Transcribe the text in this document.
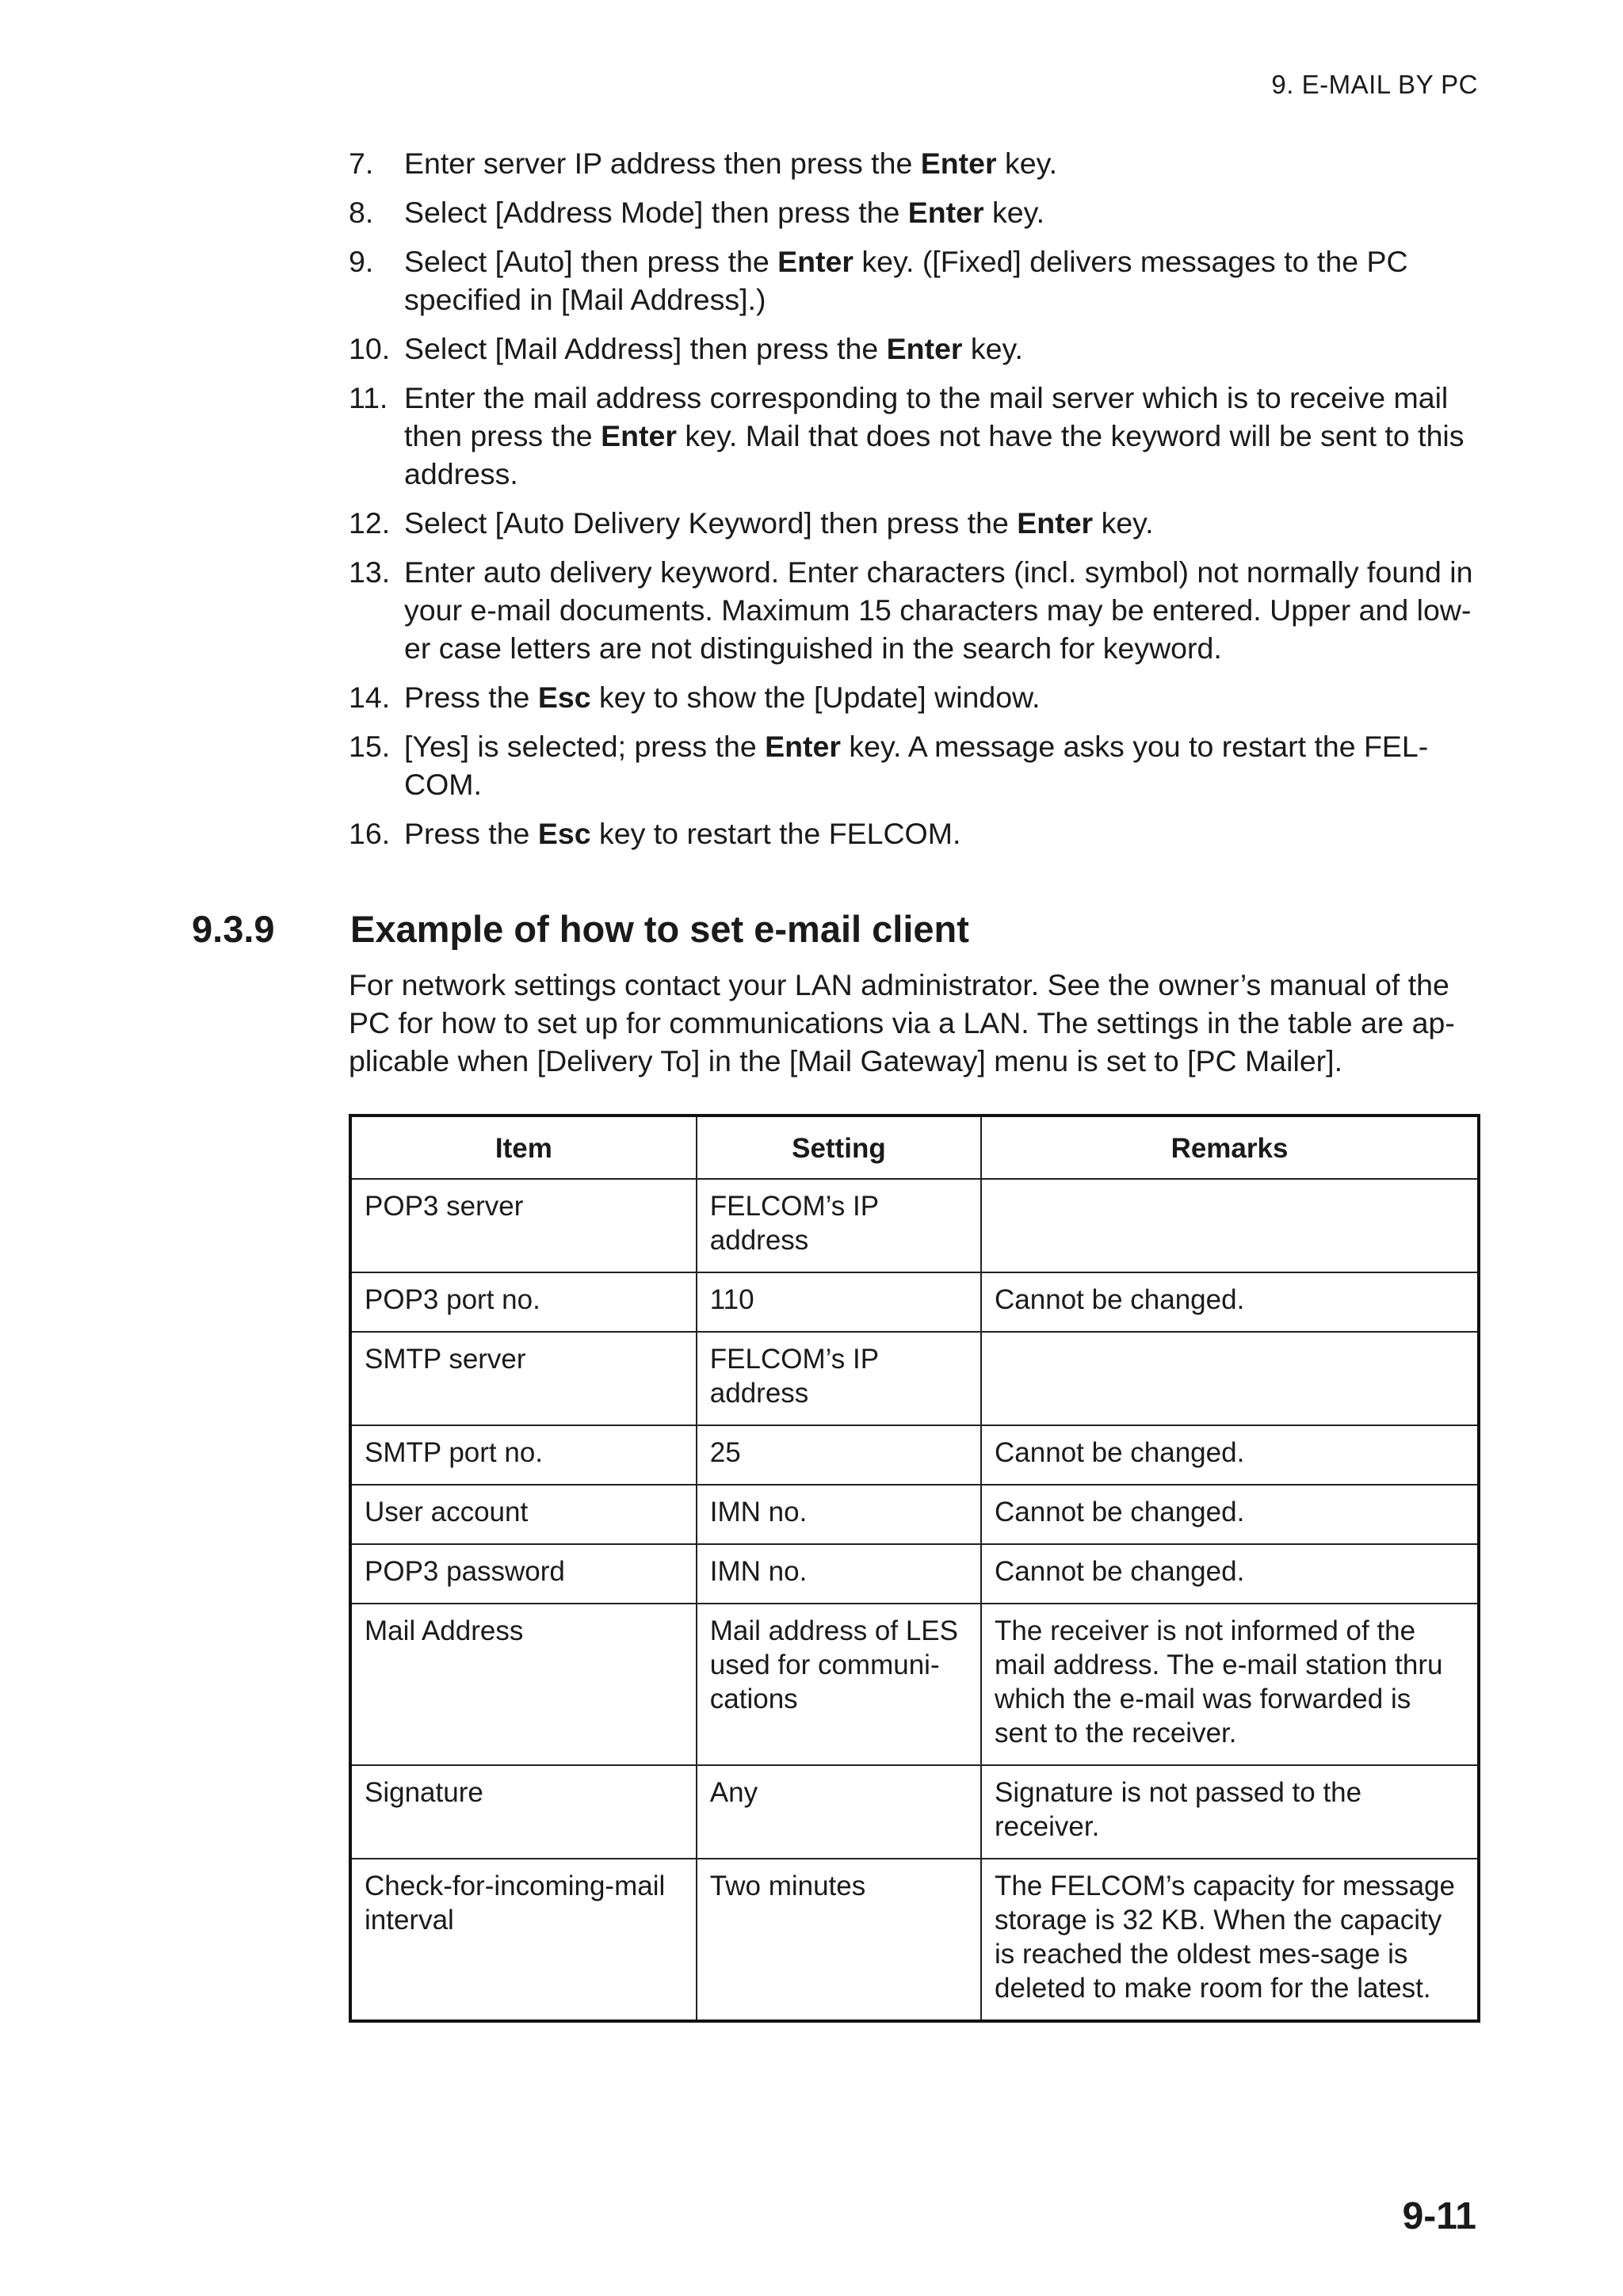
9. E-MAIL BY PC
7.	Enter server IP address then press the Enter key.
8.	Select [Address Mode] then press the Enter key.
9.	Select [Auto] then press the Enter key. ([Fixed] delivers messages to the PC specified in [Mail Address].)
10. Select [Mail Address] then press the Enter key.
11. Enter the mail address corresponding to the mail server which is to receive mail then press the Enter key. Mail that does not have the keyword will be sent to this address.
12. Select [Auto Delivery Keyword] then press the Enter key.
13. Enter auto delivery keyword. Enter characters (incl. symbol) not normally found in your e-mail documents. Maximum 15 characters may be entered. Upper and low-er case letters are not distinguished in the search for keyword.
14. Press the Esc key to show the [Update] window.
15. [Yes] is selected; press the Enter key. A message asks you to restart the FEL-COM.
16. Press the Esc key to restart the FELCOM.
9.3.9	Example of how to set e-mail client

For network settings contact your LAN administrator. See the owner’s manual of the PC for how to set up for communications via a LAN. The settings in the table are ap-plicable when [Delivery To] in the [Mail Gateway] menu is set to [PC Mailer].

Item	Setting	Remarks
POP3 server	FELCOM’s IP address	
POP3 port no.	110	Cannot be changed.
SMTP server	FELCOM’s IP address	
SMTP port no.	25	Cannot be changed.
User account	IMN no.	Cannot be changed.
POP3 password	IMN no.	Cannot be changed.
Mail Address	Mail address of LES used for communi-cations	The receiver is not informed of the mail address. The e-mail station thru which the e-mail was forwarded is sent to the receiver.
Signature	Any	Signature is not passed to the receiver.
Check-for-incoming-mail interval	Two minutes	The FELCOM’s capacity for message storage is 32 KB. When the capacity is reached the oldest mes-sage is deleted to make room for the latest.
9-11
